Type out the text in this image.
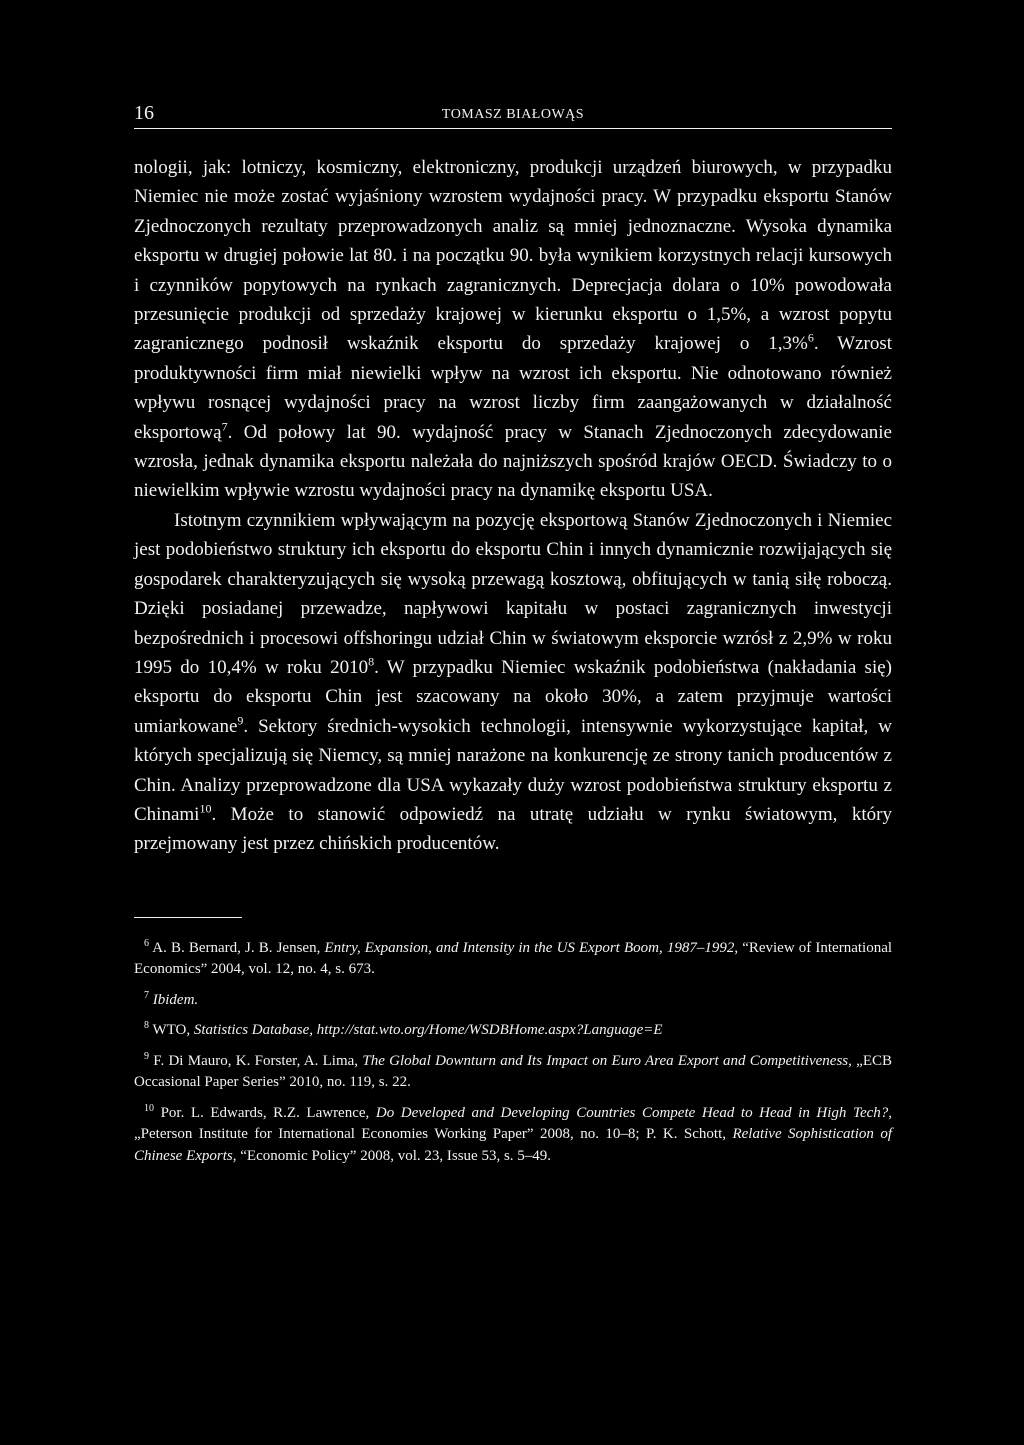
16	TOMASZ BIAŁOWĄS

nologii, jak: lotniczy, kosmiczny, elektroniczny, produkcji urządzeń biurowych, w przypadku Niemiec nie może zostać wyjaśniony wzrostem wydajności pracy. W przypadku eksportu Stanów Zjednoczonych rezultaty przeprowadzonych analiz są mniej jednoznaczne. Wysoka dynamika eksportu w drugiej połowie lat 80. i na początku 90. była wynikiem korzystnych relacji kursowych i czynników popytowych na rynkach zagranicznych. Deprecjacja dolara o 10% powodowała przesunięcie produkcji od sprzedaży krajowej w kierunku eksportu o 1,5%, a wzrost popytu zagranicznego podnosił wskaźnik eksportu do sprzedaży krajowej o 1,3%$^6$. Wzrost produktywności firm miał niewielki wpływ na wzrost ich eksportu. Nie odnotowano również wpływu rosnącej wydajności pracy na wzrost liczby firm zaangażowanych w działalność eksportową$^7$. Od połowy lat 90. wydajność pracy w Stanach Zjednoczonych zdecydowanie wzrosła, jednak dynamika eksportu należała do najniższych spośród krajów OECD. Świadczy to o niewielkim wpływie wzrostu wydajności pracy na dynamikę eksportu USA.

Istotnym czynnikiem wpływającym na pozycję eksportową Stanów Zjednoczonych i Niemiec jest podobieństwo struktury ich eksportu do eksportu Chin i innych dynamicznie rozwijających się gospodarek charakteryzujących się wysoką przewagą kosztową, obfitujących w tanią siłę roboczą. Dzięki posiadanej przewadze, napływowi kapitału w postaci zagranicznych inwestycji bezpośrednich i procesowi offshoringu udział Chin w światowym eksporcie wzrósł z 2,9% w roku 1995 do 10,4% w roku 2010$^8$. W przypadku Niemiec wskaźnik podobieństwa (nakładania się) eksportu do eksportu Chin jest szacowany na około 30%, a zatem przyjmuje wartości umiarkowane$^9$. Sektory średnich-wysokich technologii, intensywnie wykorzystujące kapitał, w których specjalizują się Niemcy, są mniej narażone na konkurencję ze strony tanich producentów z Chin. Analizy przeprowadzone dla USA wykazały duży wzrost podobieństwa struktury eksportu z Chinami$^{10}$. Może to stanowić odpowiedź na utratę udziału w rynku światowym, który przejmowany jest przez chińskich producentów.

$^6$ A. B. Bernard, J. B. Jensen, Entry, Expansion, and Intensity in the US Export Boom, 1987–1992, “Review of International Economics” 2004, vol. 12, no. 4, s. 673.

$^7$ Ibidem.

$^8$ WTO, Statistics Database, http://stat.wto.org/Home/WSDBHome.aspx?Language=E

$^9$ F. Di Mauro, K. Forster, A. Lima, The Global Downturn and Its Impact on Euro Area Export and Competitiveness, „ECB Occasional Paper Series” 2010, no. 119, s. 22.

$^{10}$ Por. L. Edwards, R.Z. Lawrence, Do Developed and Developing Countries Compete Head to Head in High Tech?, „Peterson Institute for International Economies Working Paper” 2008, no. 10–8; P. K. Schott, Relative Sophistication of Chinese Exports, “Economic Policy” 2008, vol. 23, Issue 53, s. 5–49.
